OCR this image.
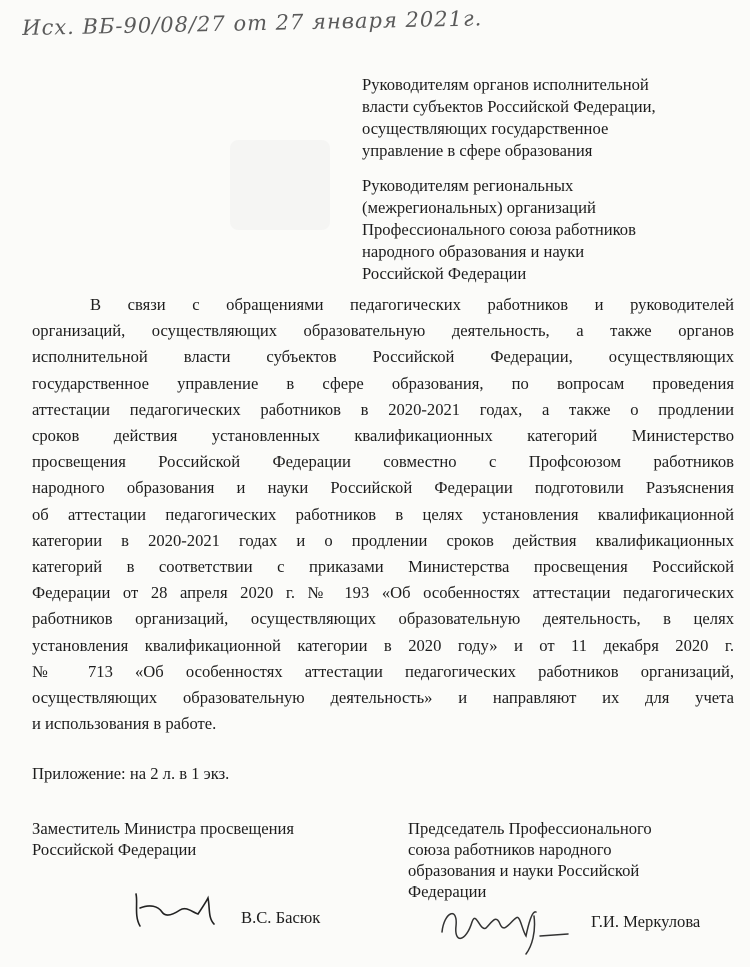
Исх. ВБ-90/08/27 от 27 января 2021г.

Руководителям органов исполнительной

власти субъектов Российской Федерации,

осуществляющих государственное

управление в сфере образования

Руководителям региональных

(межрегиональных) организаций

Профессионального союза работников

народного образования и науки

Российской Федерации

В связи с обращениями педагогических работников и руководителей
организаций, осуществляющих образовательную деятельность, а также органов
исполнительной власти субъектов Российской Федерации, осуществляющих
государственное управление в сфере образования, по вопросам проведения
аттестации педагогических работников в 2020-2021 годах, а также о продлении
сроков действия установленных квалификационных категорий Министерство
просвещения Российской Федерации совместно с Профсоюзом работников
народного образования и науки Российской Федерации подготовили Разъяснения
об аттестации педагогических работников в целях установления квалификационной
категории в 2020-2021 годах и о продлении сроков действия квалификационных
категорий в соответствии с приказами Министерства просвещения Российской
Федерации от 28 апреля 2020 г. № 193 «Об особенностях аттестации педагогических
работников организаций, осуществляющих образовательную деятельность, в целях
установления квалификационной категории в 2020 году» и от 11 декабря 2020 г.
№ 713 «Об особенностях аттестации педагогических работников организаций,
осуществляющих образовательную деятельность» и направляют их для учета
и использования в работе.
Приложение: на 2 л. в 1 экз.

Заместитель Министра просвещения

Российской Федерации

Председатель Профессионального

союза работников народного

образования и науки Российской

Федерации

В.С. Басюк	Г.И. Меркулова
